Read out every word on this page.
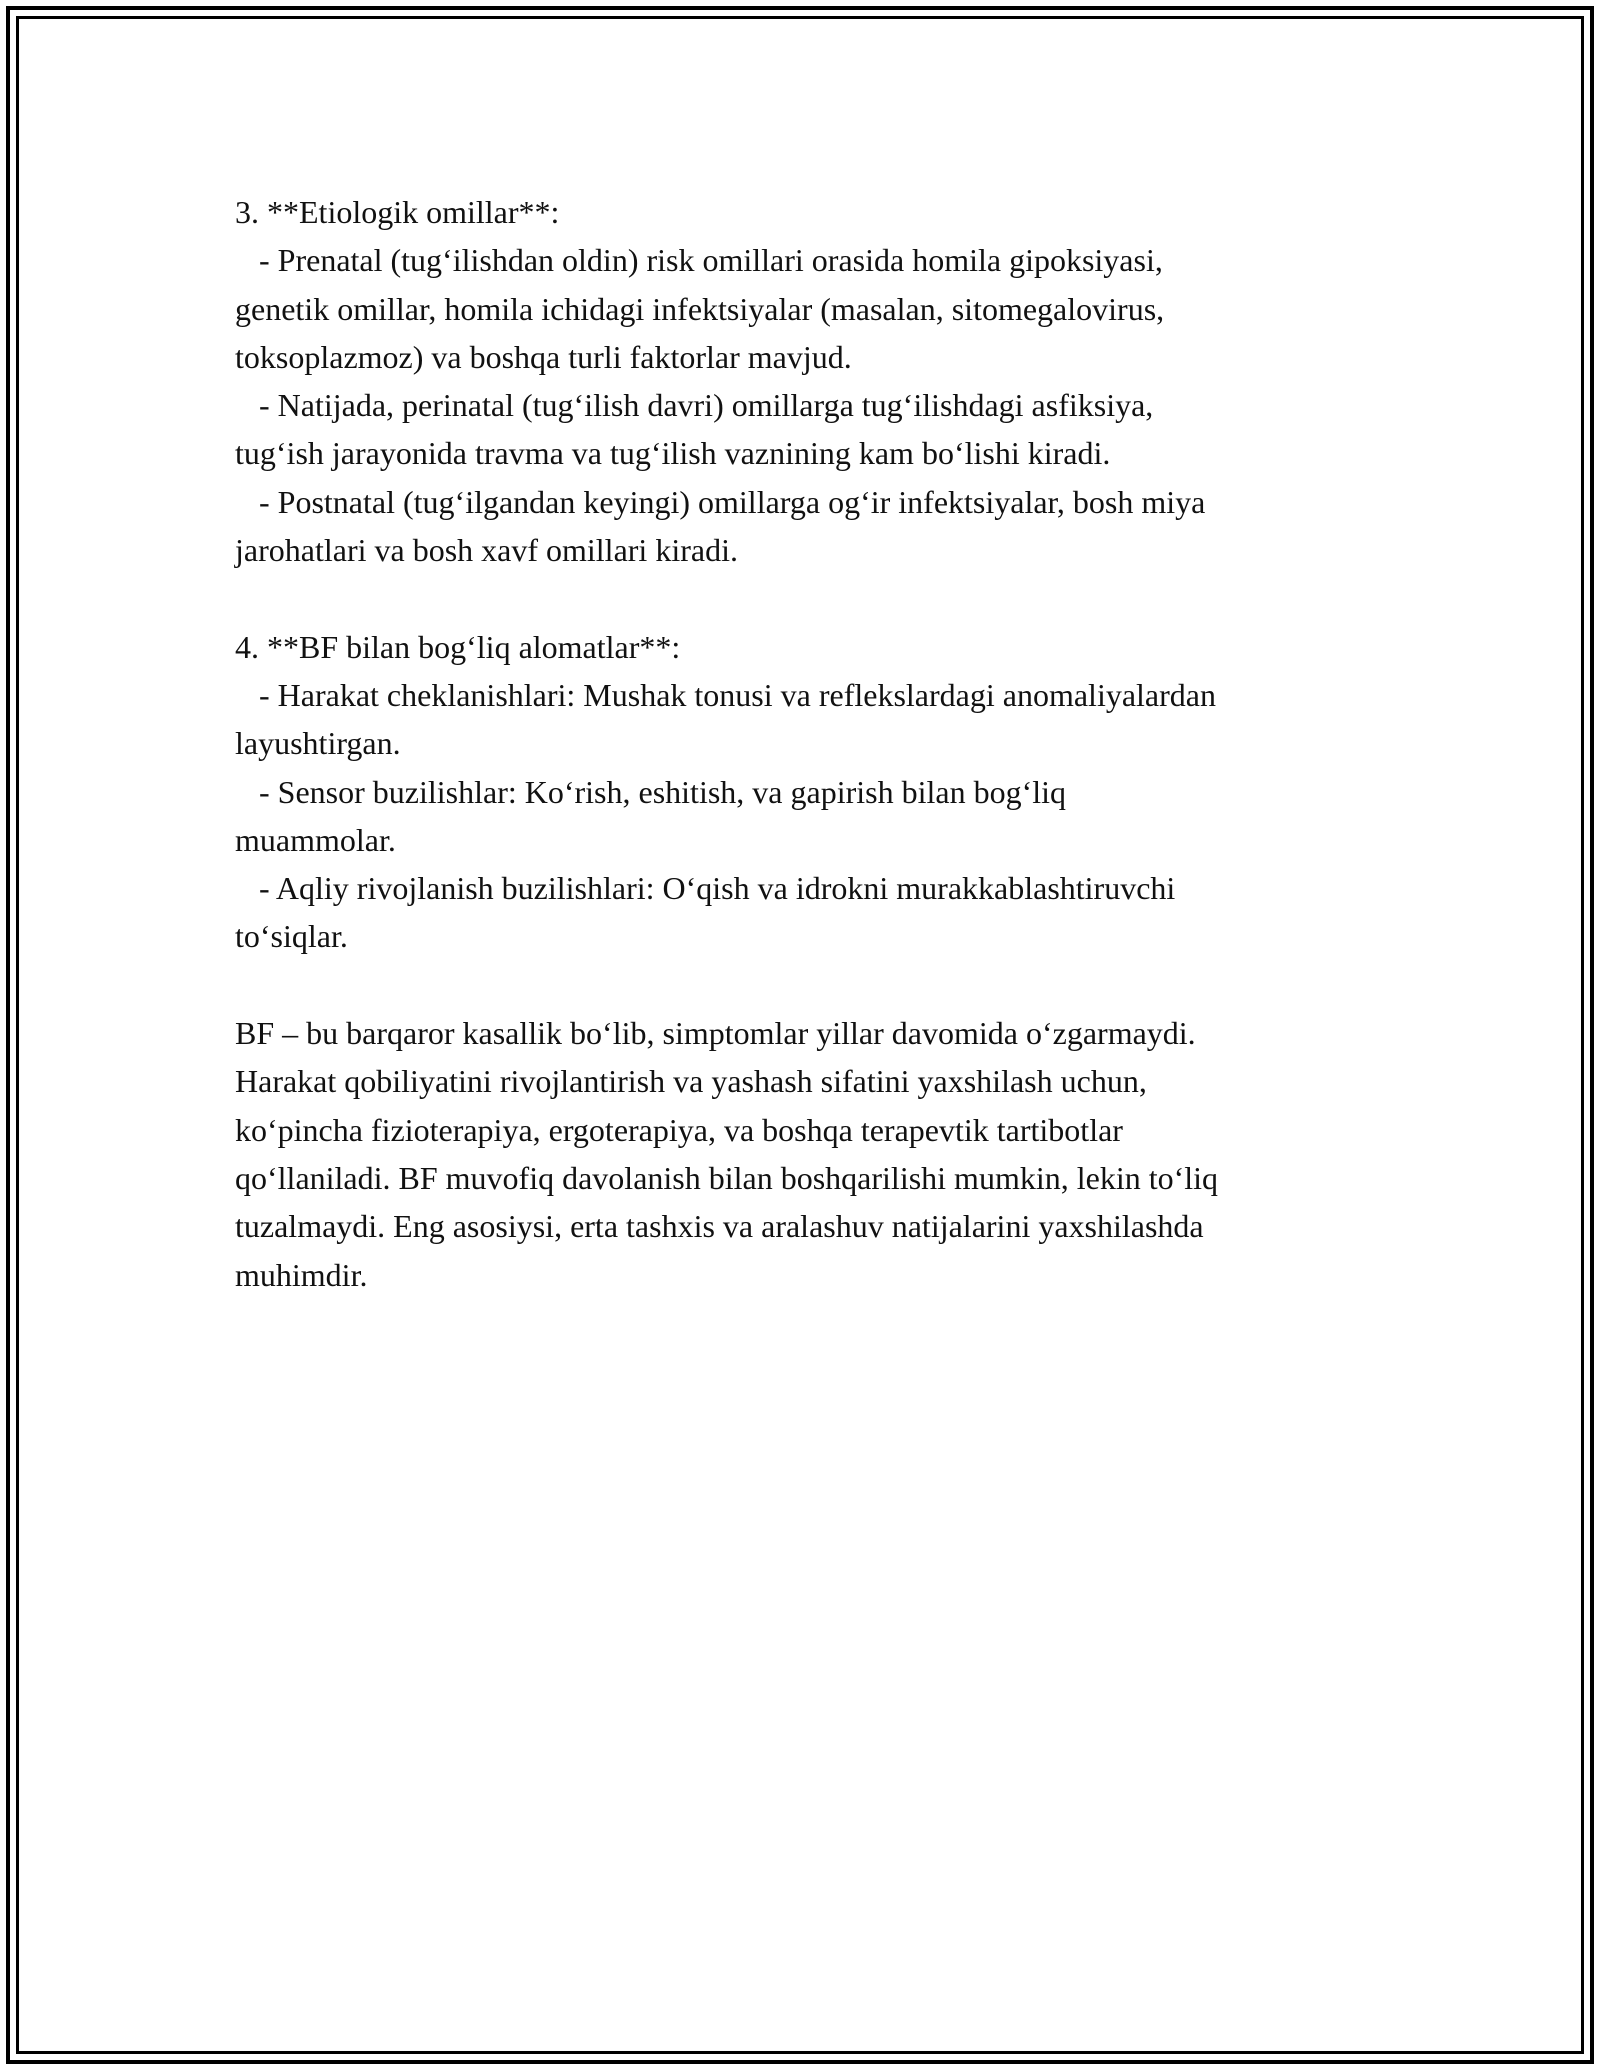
3. **Etiologik omillar**:
- Prenatal (tug‘ilishdan oldin) risk omillari orasida homila gipoksiyasi,
genetik omillar, homila ichidagi infektsiyalar (masalan, sitomegalovirus,
toksoplazmoz) va boshqa turli faktorlar mavjud.
- Natijada, perinatal (tug‘ilish davri) omillarga tug‘ilishdagi asfiksiya,
tug‘ish jarayonida travma va tug‘ilish vaznining kam bo‘lishi kiradi.
- Postnatal (tug‘ilgandan keyingi) omillarga og‘ir infektsiyalar, bosh miya
jarohatlari va bosh xavf omillari kiradi.
4. **BF bilan bog‘liq alomatlar**:
- Harakat cheklanishlari: Mushak tonusi va reflekslardagi anomaliyalardan
layushtirgan.
- Sensor buzilishlar: Ko‘rish, eshitish, va gapirish bilan bog‘liq
muammolar.
- Aqliy rivojlanish buzilishlari: O‘qish va idrokni murakkablashtiruvchi
to‘siqlar.
BF – bu barqaror kasallik bo‘lib, simptomlar yillar davomida o‘zgarmaydi.
Harakat qobiliyatini rivojlantirish va yashash sifatini yaxshilash uchun,
ko‘pincha fizioterapiya, ergoterapiya, va boshqa terapevtik tartibotlar
qo‘llaniladi. BF muvofiq davolanish bilan boshqarilishi mumkin, lekin to‘liq
tuzalmaydi. Eng asosiysi, erta tashxis va aralashuv natijalarini yaxshilashda
muhimdir.
